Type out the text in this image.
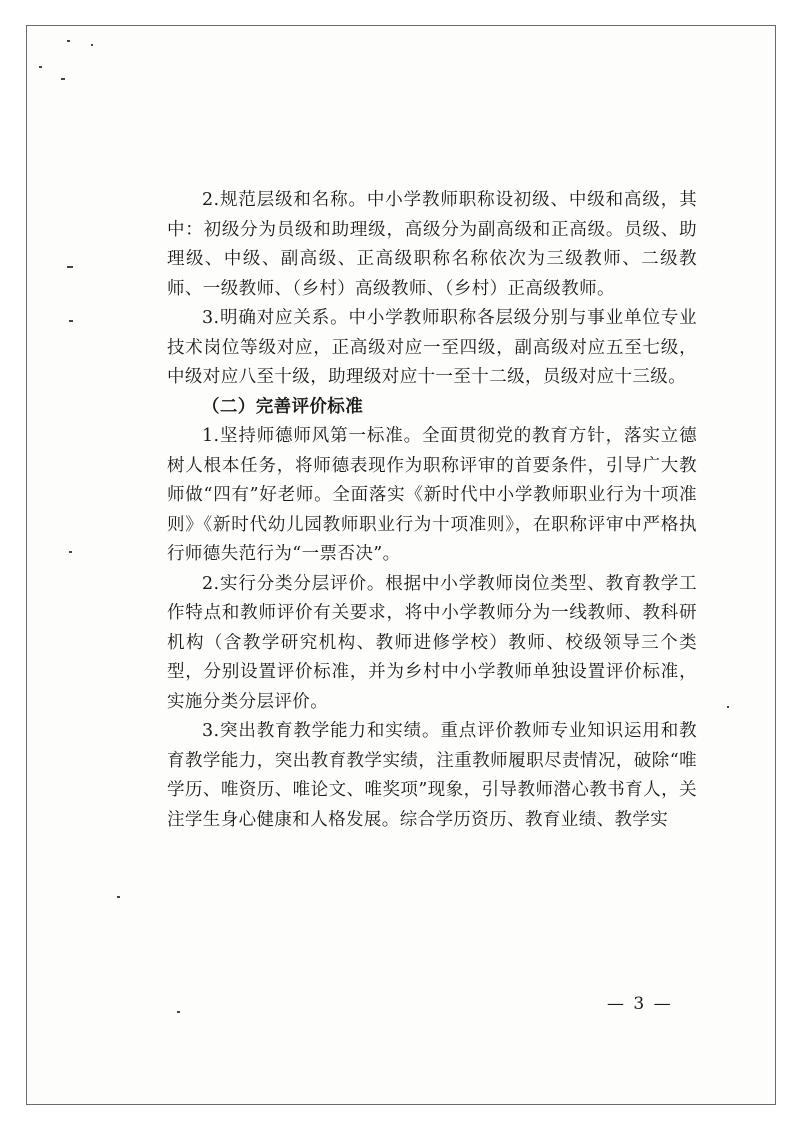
2.规范层级和名称。中小学教师职称设初级、中级和高级，其中：初级分为员级和助理级，高级分为副高级和正高级。员级、助理级、中级、副高级、正高级职称名称依次为三级教师、二级教师、一级教师、（乡村）高级教师、（乡村）正高级教师。

3.明确对应关系。中小学教师职称各层级分别与事业单位专业技术岗位等级对应，正高级对应一至四级，副高级对应五至七级，中级对应八至十级，助理级对应十一至十二级，员级对应十三级。

（二）完善评价标准

1.坚持师德师风第一标准。全面贯彻党的教育方针，落实立德树人根本任务，将师德表现作为职称评审的首要条件，引导广大教师做“四有”好老师。全面落实《新时代中小学教师职业行为十项准则》《新时代幼儿园教师职业行为十项准则》，在职称评审中严格执行师德失范行为“一票否决”。

2.实行分类分层评价。根据中小学教师岗位类型、教育教学工作特点和教师评价有关要求，将中小学教师分为一线教师、教科研机构（含教学研究机构、教师进修学校）教师、校级领导三个类型，分别设置评价标准，并为乡村中小学教师单独设置评价标准，实施分类分层评价。

3.突出教育教学能力和实绩。重点评价教师专业知识运用和教育教学能力，突出教育教学实绩，注重教师履职尽责情况，破除“唯学历、唯资历、唯论文、唯奖项”现象，引导教师潜心教书育人，关注学生身心健康和人格发展。综合学历资历、教育业绩、教学实

— 3 —
